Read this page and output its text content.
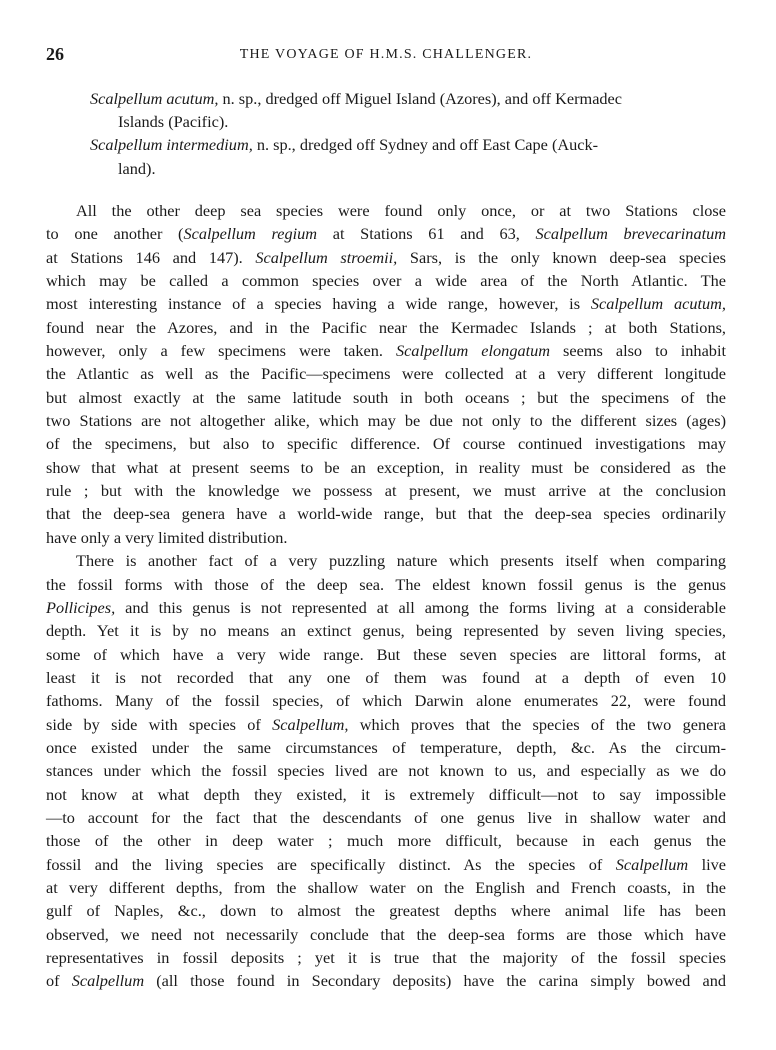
26	THE VOYAGE OF H.M.S. CHALLENGER.

Scalpellum acutum, n. sp., dredged off Miguel Island (Azores), and off Kermadec
Islands (Pacific).

Scalpellum intermedium, n. sp., dredged off Sydney and off East Cape (Auck-
land).

All the other deep sea species were found only once, or at two Stations close
to one another (Scalpellum regium at Stations 61 and 63, Scalpellum brevecarinatum
at Stations 146 and 147). Scalpellum stroemii, Sars, is the only known deep-sea species
which may be called a common species over a wide area of the North Atlantic. The
most interesting instance of a species having a wide range, however, is Scalpellum acutum,
found near the Azores, and in the Pacific near the Kermadec Islands ; at both Stations,
however, only a few specimens were taken. Scalpellum elongatum seems also to inhabit
the Atlantic as well as the Pacific—specimens were collected at a very different longitude
but almost exactly at the same latitude south in both oceans ; but the specimens of the
two Stations are not altogether alike, which may be due not only to the different sizes (ages)
of the specimens, but also to specific difference. Of course continued investigations may
show that what at present seems to be an exception, in reality must be considered as the
rule ; but with the knowledge we possess at present, we must arrive at the conclusion
that the deep-sea genera have a world-wide range, but that the deep-sea species ordinarily
have only a very limited distribution.

There is another fact of a very puzzling nature which presents itself when comparing
the fossil forms with those of the deep sea. The eldest known fossil genus is the genus
Pollicipes, and this genus is not represented at all among the forms living at a considerable
depth. Yet it is by no means an extinct genus, being represented by seven living species,
some of which have a very wide range. But these seven species are littoral forms, at
least it is not recorded that any one of them was found at a depth of even 10
fathoms. Many of the fossil species, of which Darwin alone enumerates 22, were found
side by side with species of Scalpellum, which proves that the species of the two genera
once existed under the same circumstances of temperature, depth, &c. As the circum-
stances under which the fossil species lived are not known to us, and especially as we do
not know at what depth they existed, it is extremely difficult—not to say impossible
—to account for the fact that the descendants of one genus live in shallow water and
those of the other in deep water ; much more difficult, because in each genus the
fossil and the living species are specifically distinct. As the species of Scalpellum live
at very different depths, from the shallow water on the English and French coasts, in the
gulf of Naples, &c., down to almost the greatest depths where animal life has been
observed, we need not necessarily conclude that the deep-sea forms are those which have
representatives in fossil deposits ; yet it is true that the majority of the fossil species
of Scalpellum (all those found in Secondary deposits) have the carina simply bowed and
